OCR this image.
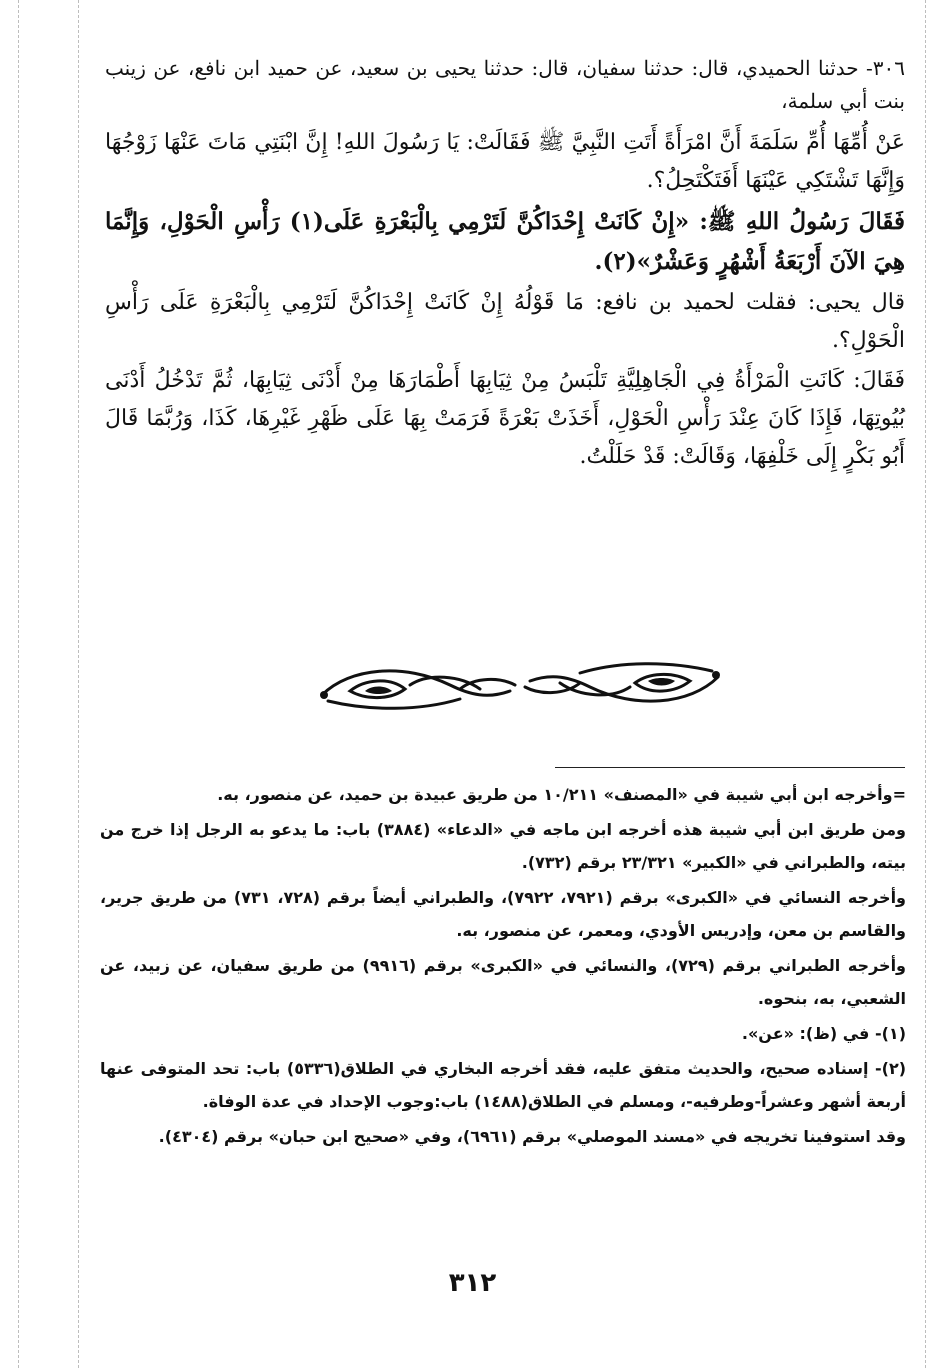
٣٠٦- حدثنا الحميدي، قال: حدثنا سفيان، قال: حدثنا يحيى بن سعيد، عن حميد ابن نافع، عن زينب بنت أبي سلمة،

عَنْ أُمِّهَا أُمِّ سَلَمَةَ أَنَّ امْرَأَةً أَتَتِ النَّبِيَّ ﷺ فَقَالَتْ: يَا رَسُولَ اللهِ! إِنَّ ابْنَتِي مَاتَ عَنْهَا زَوْجُهَا وَإِنَّهَا تَشْتَكِي عَيْنَهَا أَفَتَكْتَحِلُ؟.

فَقَالَ رَسُولُ اللهِ ﷺ: «إِنْ كَانَتْ إِحْدَاكُنَّ لَتَرْمِي بِالْبَعْرَةِ عَلَى(١) رَأْسِ الْحَوْلِ، وَإِنَّمَا هِيَ الآنَ أَرْبَعَةُ أَشْهُرٍ وَعَشْرٌ»(٢).

قال يحيى: فقلت لحميد بن نافع: مَا قَوْلُهُ إِنْ كَانَتْ إِحْدَاكُنَّ لَتَرْمِي بِالْبَعْرَةِ عَلَى رَأْسِ الْحَوْلِ؟.

فَقَالَ: كَانَتِ الْمَرْأَةُ فِي الْجَاهِلِيَّةِ تَلْبَسُ مِنْ ثِيَابِهَا أَطْمَارَهَا مِنْ أَدْنَى ثِيَابِهَا، ثُمَّ تَدْخُلُ أَدْنَى بُيُوتِهَا، فَإِذَا كَانَ عِنْدَ رَأْسِ الْحَوْلِ، أَخَذَتْ بَعْرَةً فَرَمَتْ بِهَا عَلَى ظَهْرِ غَيْرِهَا، كَذَا، وَرُبَّمَا قَالَ أَبُو بَكْرٍ إِلَى خَلْفِهَا، وَقَالَتْ: قَدْ حَلَلْتُ.

=وأخرجه ابن أبي شيبة في «المصنف» ١٠/٢١١ من طريق عبيدة بن حميد، عن منصور، به.

ومن طريق ابن أبي شيبة هذه أخرجه ابن ماجه في «الدعاء» (٣٨٨٤) باب: ما يدعو به الرجل إذا خرج من بيته، والطبراني في «الكبير» ٢٣/٣٢١ برقم (٧٣٢).

وأخرجه النسائي في «الكبرى» برقم (٧٩٢١، ٧٩٢٢)، والطبراني أيضاً برقم (٧٢٨، ٧٣١) من طريق جرير، والقاسم بن معن، وإدريس الأودي، ومعمر، عن منصور، به.

وأخرجه الطبراني برقم (٧٢٩)، والنسائي في «الكبرى» برقم (٩٩١٦) من طريق سفيان، عن زبيد، عن الشعبي، به، بنحوه.

(١)- في (ظ): «عن».

(٢)- إسناده صحيح، والحديث متفق عليه، فقد أخرجه البخاري في الطلاق(٥٣٣٦) باب: تحد المتوفى عنها أربعة أشهر وعشراً-وطرفيه-، ومسلم في الطلاق(١٤٨٨) باب:وجوب الإحداد في عدة الوفاة.

وقد استوفينا تخريجه في «مسند الموصلي» برقم (٦٩٦١)، وفي «صحيح ابن حبان» برقم (٤٣٠٤).

٣١٢
